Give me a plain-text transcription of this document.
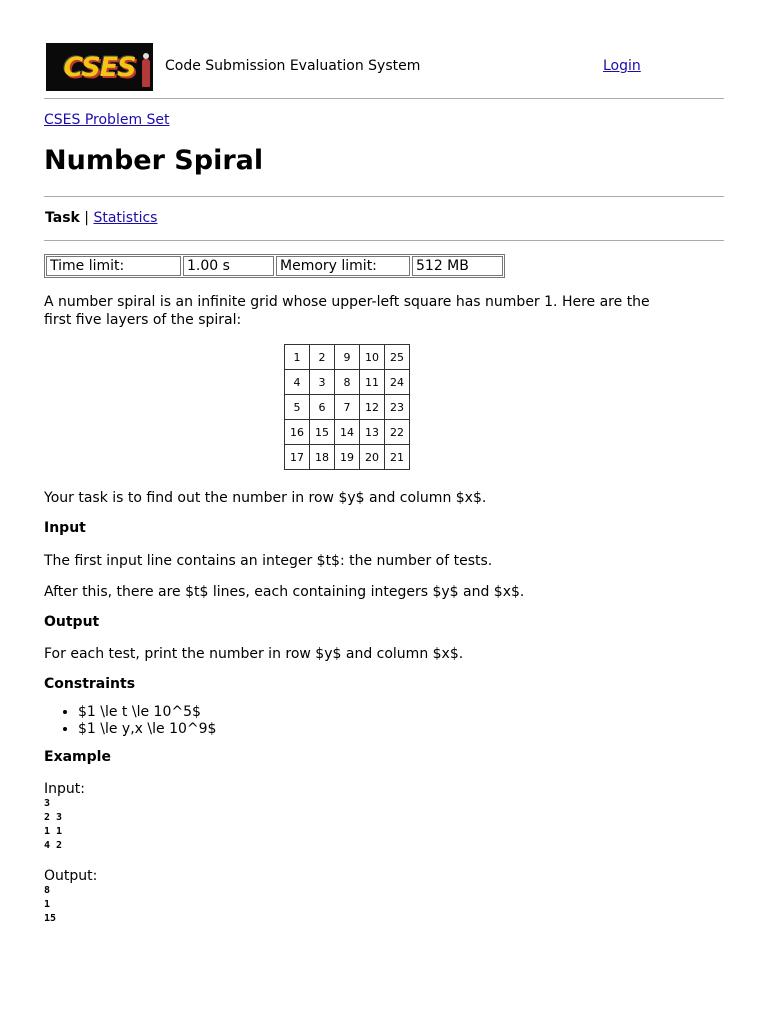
CSES Code Submission Evaluation System	Login
CSES Problem Set
Number Spiral
Task | Statistics
Time limit:	1.00 s	Memory limit:	512 MB

A number spiral is an infinite grid whose upper-left square has number 1. Here are the first five layers of the spiral:

1	2	9	10	25
4	3	8	11	24
5	6	7	12	23
16	15	14	13	22
17	18	19	20	21

Your task is to find out the number in row $y$ and column $x$.

Input

The first input line contains an integer $t$: the number of tests.

After this, there are $t$ lines, each containing integers $y$ and $x$.

Output

For each test, print the number in row $y$ and column $x$.

Constraints
• $1 \le t \le 10^5$
• $1 \le y,x \le 10^9$
Example

Input:

3
2 3
1 1
4 2

Output:

8
1
15
